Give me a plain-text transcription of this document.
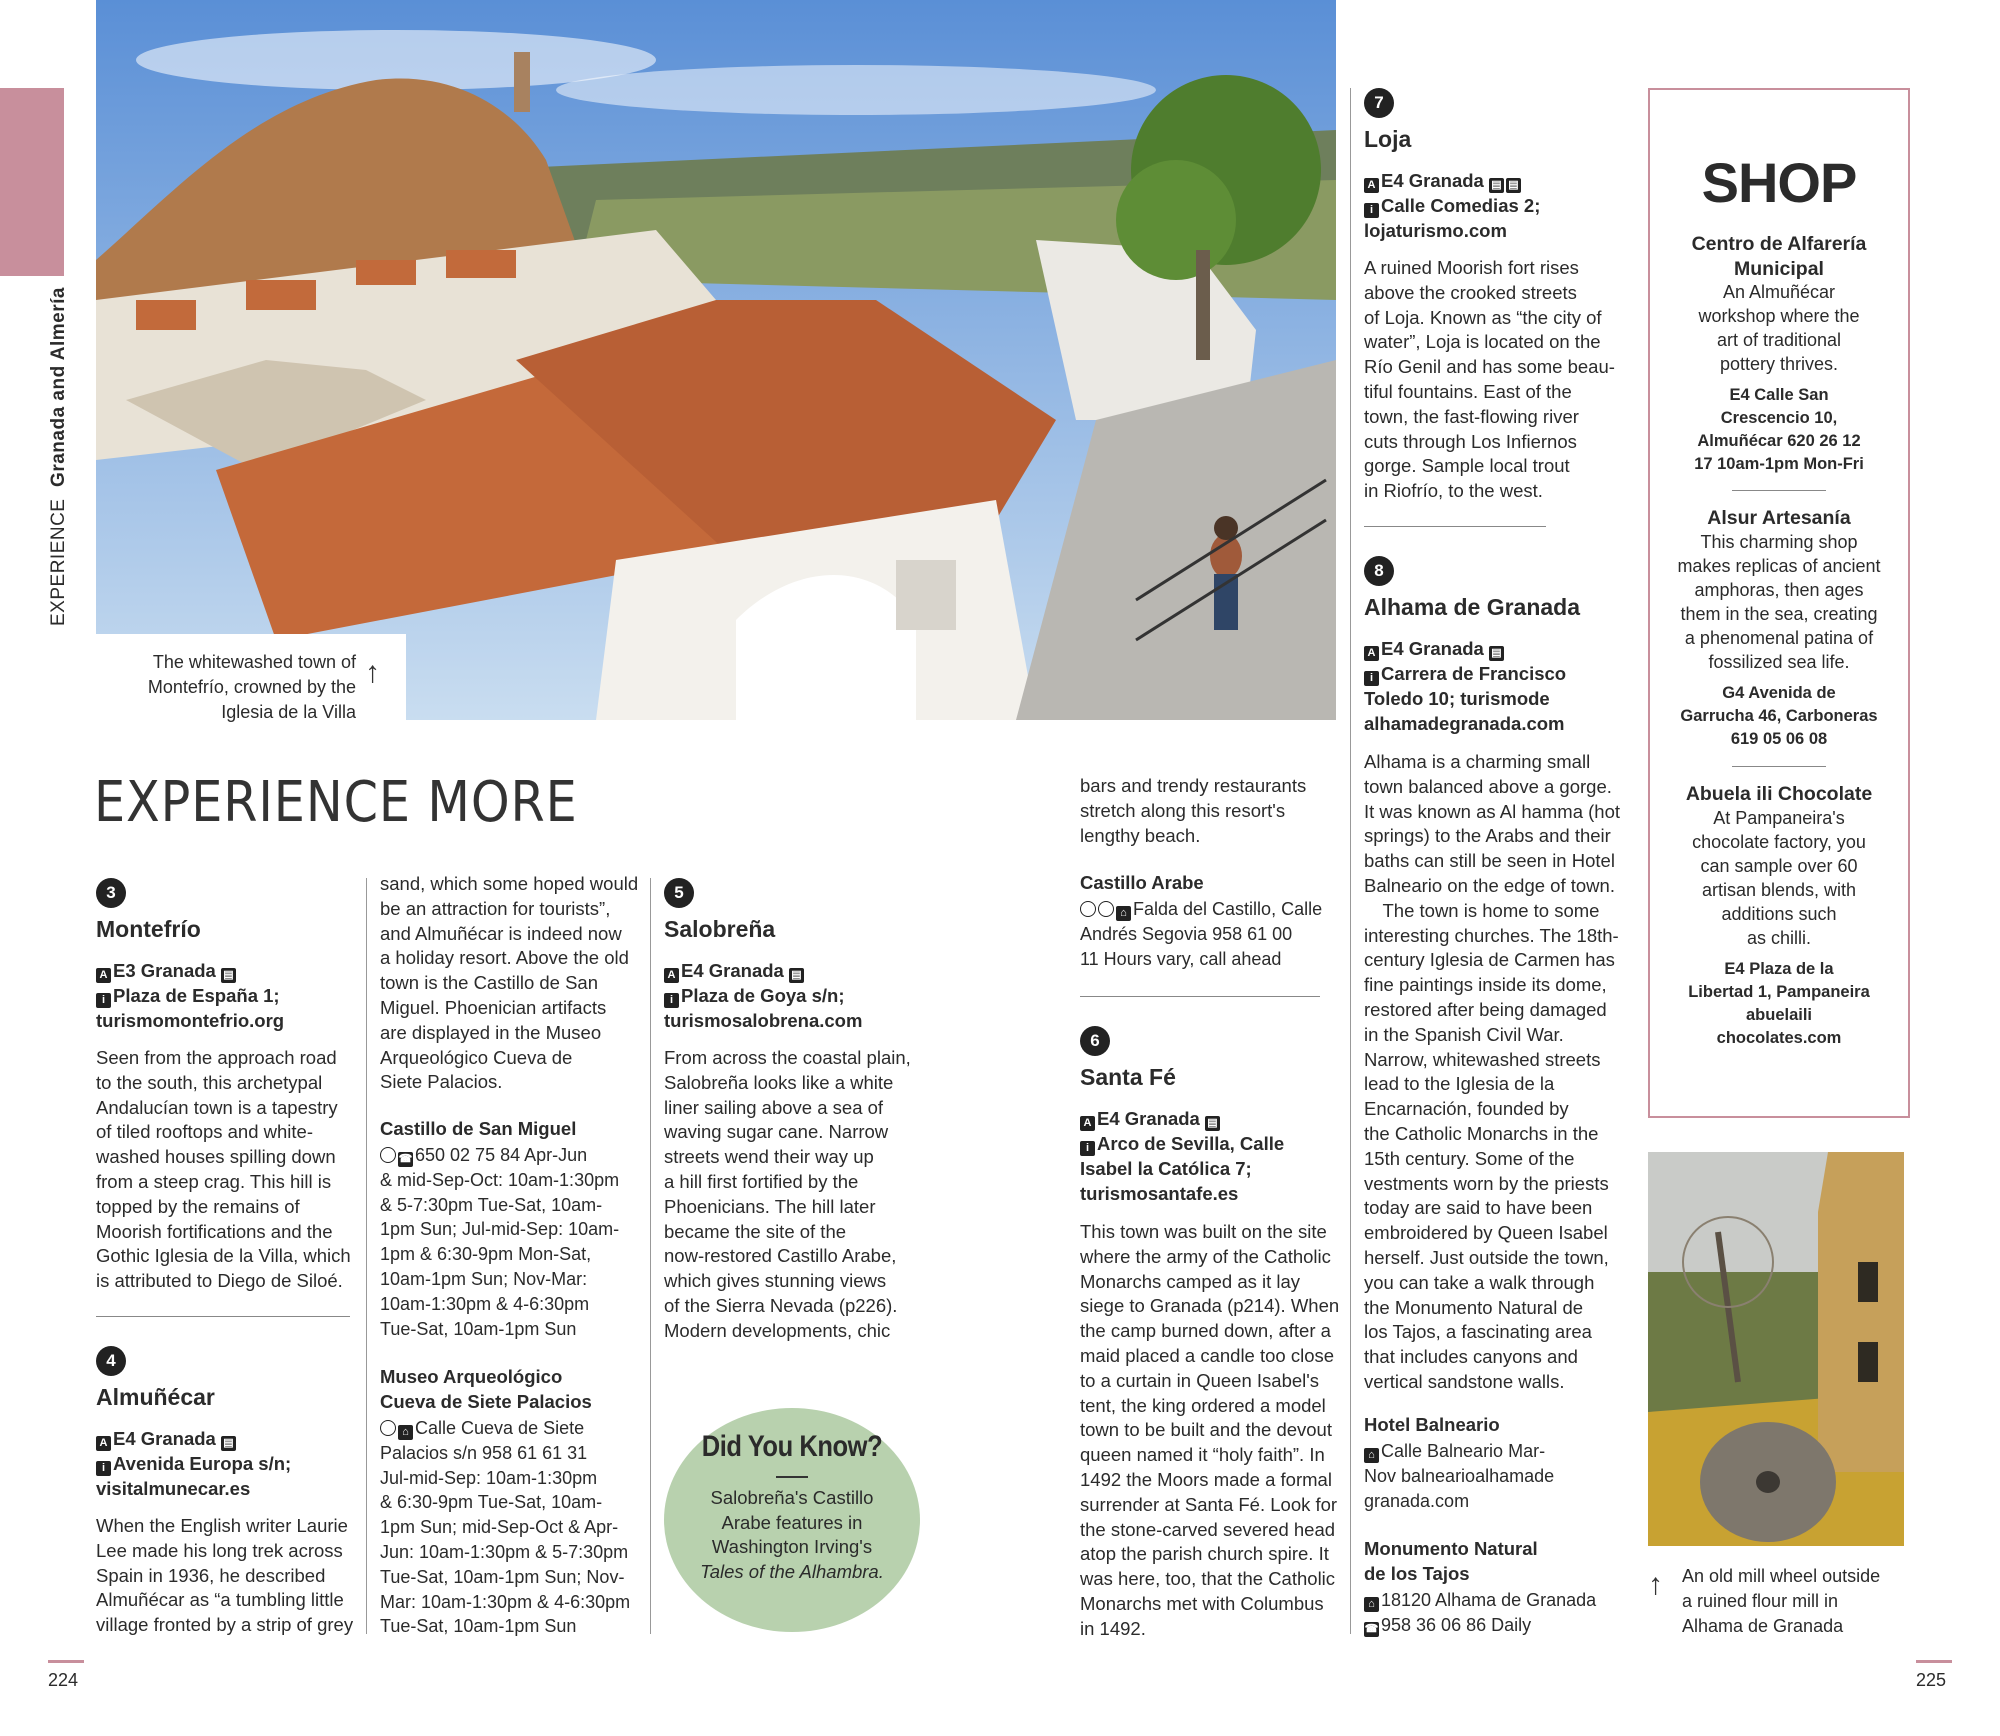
EXPERIENCE  Granada and Almería
The whitewashed town of
Montefrío, crowned by the
Iglesia de la Villa
↑
EXPERIENCE MORE
3
Montefrío
A E3 Granada ▤
i Plaza de España 1;
turismomontefrio.org
Seen from the approach road
to the south, this archetypal
Andalucían town is a tapestry
of tiled rooftops and white-
washed houses spilling down
from a steep crag. This hill is
topped by the remains of
Moorish fortifications and the
Gothic Iglesia de la Villa, which
is attributed to Diego de Siloé.
4
Almuñécar
A E4 Granada ▤
i Avenida Europa s/n;
visitalmunecar.es
When the English writer Laurie
Lee made his long trek across
Spain in 1936, he described
Almuñécar as “a tumbling little
village fronted by a strip of grey
sand, which some hoped would
be an attraction for tourists”,
and Almuñécar is indeed now
a holiday resort. Above the old
town is the Castillo de San
Miguel. Phoenician artifacts
are displayed in the Museo
Arqueológico Cueva de
Siete Palacios.
Castillo de San Miguel
☎ 650 02 75 84 Apr-Jun
& mid-Sep-Oct: 10am-1:30pm
& 5-7:30pm Tue-Sat, 10am-
1pm Sun; Jul-mid-Sep: 10am-
1pm & 6:30-9pm Mon-Sat,
10am-1pm Sun; Nov-Mar:
10am-1:30pm & 4-6:30pm
Tue-Sat, 10am-1pm Sun
Museo Arqueológico
Cueva de Siete Palacios
⌂ Calle Cueva de Siete
Palacios s/n 958 61 61 31
Jul-mid-Sep: 10am-1:30pm
& 6:30-9pm Tue-Sat, 10am-
1pm Sun; mid-Sep-Oct & Apr-
Jun: 10am-1:30pm & 5-7:30pm
Tue-Sat, 10am-1pm Sun; Nov-
Mar: 10am-1:30pm & 4-6:30pm
Tue-Sat, 10am-1pm Sun
5
Salobreña
A E4 Granada ▤
i Plaza de Goya s/n;
turismosalobrena.com
From across the coastal plain,
Salobreña looks like a white
liner sailing above a sea of
waving sugar cane. Narrow
streets wend their way up
a hill first fortified by the
Phoenicians. The hill later
became the site of the
now-restored Castillo Arabe,
which gives stunning views
of the Sierra Nevada (p226).
Modern developments, chic
Did You Know?
Salobreña's Castillo
Arabe features in
Washington Irving's
Tales of the Alhambra.
bars and trendy restaurants
stretch along this resort's
lengthy beach.
Castillo Arabe
⌂ Falda del Castillo, Calle
Andrés Segovia 958 61 00
11 Hours vary, call ahead
6
Santa Fé
A E4 Granada ▤
i Arco de Sevilla, Calle
Isabel la Católica 7;
turismosantafe.es
This town was built on the site
where the army of the Catholic
Monarchs camped as it lay
siege to Granada (p214). When
the camp burned down, after a
maid placed a candle too close
to a curtain in Queen Isabel's
tent, the king ordered a model
town to be built and the devout
queen named it “holy faith”. In
1492 the Moors made a formal
surrender at Santa Fé. Look for
the stone-carved severed head
atop the parish church spire. It
was here, too, that the Catholic
Monarchs met with Columbus
in 1492.
7
Loja
A E4 Granada ▤ ▤
i Calle Comedias 2;
lojaturismo.com
A ruined Moorish fort rises
above the crooked streets
of Loja. Known as “the city of
water”, Loja is located on the
Río Genil and has some beau-
tiful fountains. East of the
town, the fast-flowing river
cuts through Los Infiernos
gorge. Sample local trout
in Riofrío, to the west.
8
Alhama de Granada
A E4 Granada ▤
i Carrera de Francisco
Toledo 10; turismode
alhamadegranada.com
Alhama is a charming small
town balanced above a gorge.
It was known as Al hamma (hot
springs) to the Arabs and their
baths can still be seen in Hotel
Balneario on the edge of town.
 The town is home to some
interesting churches. The 18th-
century Iglesia de Carmen has
fine paintings inside its dome,
restored after being damaged
in the Spanish Civil War.
Narrow, whitewashed streets
lead to the Iglesia de la
Encarnación, founded by
the Catholic Monarchs in the
15th century. Some of the
vestments worn by the priests
today are said to have been
embroidered by Queen Isabel
herself. Just outside the town,
you can take a walk through
the Monumento Natural de
los Tajos, a fascinating area
that includes canyons and
vertical sandstone walls.
Hotel Balneario
⌂ Calle Balneario Mar-
Nov balnearioalhamade
granada.com
Monumento Natural
de los Tajos
⌂ 18120 Alhama de Granada
☎ 958 36 06 86 Daily
SHOP
Centro de Alfarería
Municipal
An Almuñécar
workshop where the
art of traditional
pottery thrives.
E4 Calle San
Crescencio 10,
Almuñécar 620 26 12
17 10am-1pm Mon-Fri
Alsur Artesanía
This charming shop
makes replicas of ancient
amphoras, then ages
them in the sea, creating
a phenomenal patina of
fossilized sea life.
G4 Avenida de
Garrucha 46, Carboneras
619 05 06 08
Abuela ili Chocolate
At Pampaneira's
chocolate factory, you
can sample over 60
artisan blends, with
additions such
as chilli.
E4 Plaza de la
Libertad 1, Pampaneira
abuelaili
chocolates.com
↑ An old mill wheel outside
a ruined flour mill in
Alhama de Granada
224	225
